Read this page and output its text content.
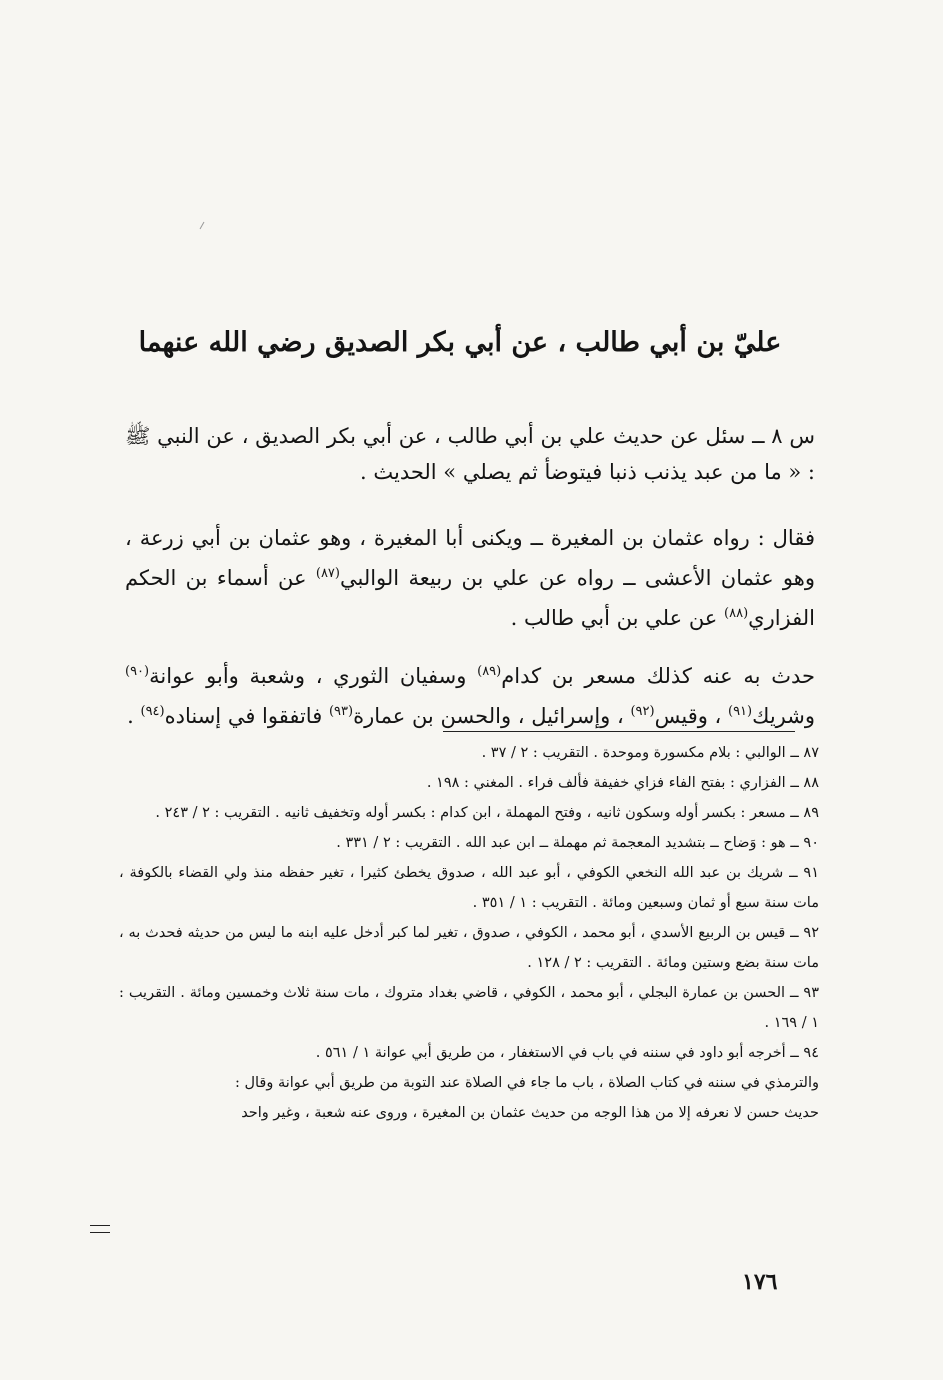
عليّ بن أبي طالب ، عن أبي بكر الصديق رضي الله عنهما

س ٨ ــ سئل عن حديث علي بن أبي طالب ، عن أبي بكر الصديق ، عن النبي ﷺ : « ما من عبد يذنب ذنبا فيتوضأ ثم يصلي » الحديث .

فقال : رواه عثمان بن المغيرة ــ ويكنى أبا المغيرة ، وهو عثمان بن أبي زرعة ، وهو عثمان الأعشى ــ رواه عن علي بن ربيعة الوالبي$^{(٨٧)}$ عن أسماء بن الحكم الفزاري$^{(٨٨)}$ عن علي بن أبي طالب .

حدث به عنه كذلك مسعر بن كدام$^{(٨٩)}$ وسفيان الثوري ، وشعبة وأبو عوانة$^{(٩٠)}$ وشريك$^{(٩١)}$ ، وقيس$^{(٩٢)}$ ، وإسرائيل ، والحسن بن عمارة$^{(٩٣)}$ فاتفقوا في إسناده$^{(٩٤)}$ .

٨٧ ــ الوالبي : بلام مكسورة وموحدة . التقريب : ٢ / ٣٧ .

٨٨ ــ الفزاري : بفتح الفاء فزاي خفيفة فألف فراء . المغني : ١٩٨ .

٨٩ ــ مسعر : بكسر أوله وسكون ثانيه ، وفتح المهملة ، ابن كدام : بكسر أوله وتخفيف ثانيه . التقريب : ٢ / ٢٤٣ .

٩٠ ــ هو : وَضاح ــ بتشديد المعجمة ثم مهملة ــ ابن عبد الله . التقريب : ٢ / ٣٣١ .

٩١ ــ شريك بن عبد الله النخعي الكوفي ، أبو عبد الله ، صدوق يخطئ كثيرا ، تغير حفظه منذ ولي القضاء بالكوفة ، مات سنة سبع أو ثمان وسبعين ومائة . التقريب : ١ / ٣٥١ .

٩٢ ــ قيس بن الربيع الأسدي ، أبو محمد ، الكوفي ، صدوق ، تغير لما كبر أدخل عليه ابنه ما ليس من حديثه فحدث به ، مات سنة بضع وستين ومائة . التقريب : ٢ / ١٢٨ .

٩٣ ــ الحسن بن عمارة البجلي ، أبو محمد ، الكوفي ، قاضي بغداد متروك ، مات سنة ثلاث وخمسين ومائة . التقريب : ١ / ١٦٩ .

٩٤ ــ أخرجه أبو داود في سننه في باب في الاستغفار ، من طريق أبي عوانة ١ / ٥٦١ .

والترمذي في سننه في كتاب الصلاة ، باب ما جاء في الصلاة عند التوبة من طريق أبي عوانة وقال :

حديث حسن لا نعرفه إلا من هذا الوجه من حديث عثمان بن المغيرة ، وروى عنه شعبة ، وغير واحد

١٧٦
